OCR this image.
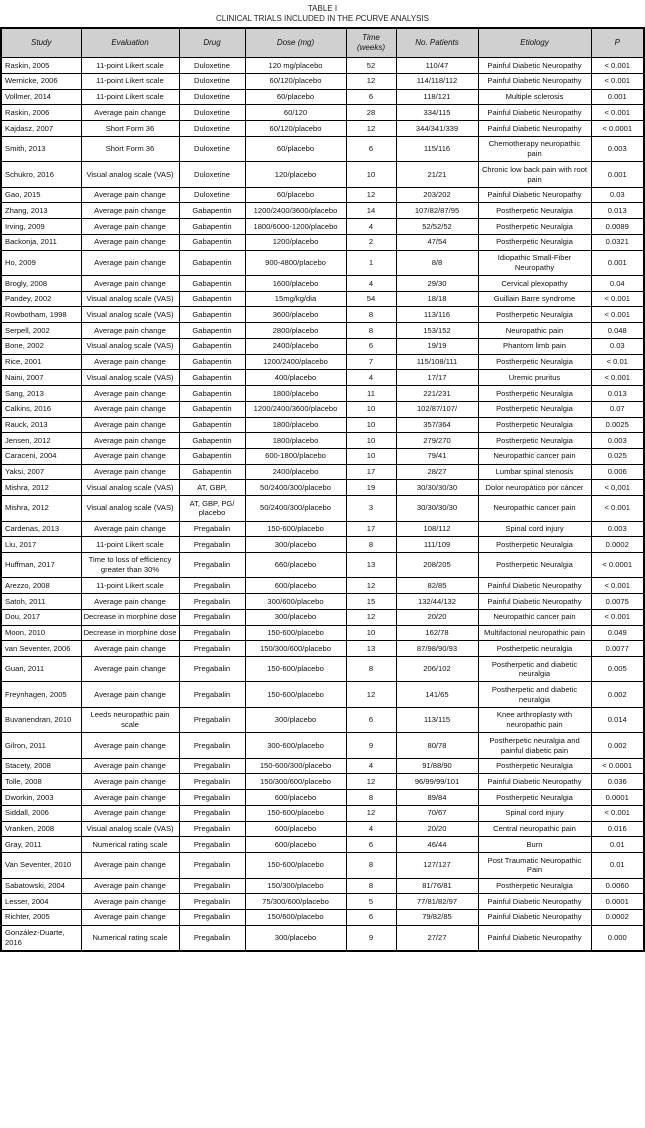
TABLE I
CLINICAL TRIALS INCLUDED IN THE PCURVE ANALYSIS
Study	Evaluation	Drug	Dose (mg)	Time (weeks)	No. Patients	Etiology	P
Raskin, 2005	11-point Likert scale	Duloxetine	120 mg/placebo	52	110/47	Painful Diabetic Neuropathy	< 0.001
Wernicke, 2006	11-point Likert scale	Duloxetine	60/120/placebo	12	114/118/112	Painful Diabetic Neuropathy	< 0.001
Vollmer, 2014	11-point Likert scale	Duloxetine	60/placebo	6	118/121	Multiple sclerosis	0.001
Raskin, 2006	Average pain change	Duloxetine	60/120	28	334/115	Painful Diabetic Neuropathy	< 0.001
Kajdasz, 2007	Short Form 36	Duloxetine	60/120/placebo	12	344/341/339	Painful Diabetic Neuropathy	< 0.0001
Smith, 2013	Short Form 36	Duloxetine	60/placebo	6	115/116	Chemotherapy neuropathic pain	0.003
Schukro, 2016	Visual analog scale (VAS)	Duloxetine	120/placebo	10	21/21	Chronic low back pain with root pain	0.001
Gao, 2015	Average pain change	Duloxetine	60/placebo	12	203/202	Painful Diabetic Neuropathy	0.03
Zhang, 2013	Average pain change	Gabapentin	1200/2400/3600/placebo	14	107/82/87/95	Postherpetic Neuralgia	0.013
Irving, 2009	Average pain change	Gabapentin	1800/6000-1200/placebo	4	52/52/52	Postherpetic Neuralgia	0.0089
Backonja, 2011	Average pain change	Gabapentin	1200/placebo	2	47/54	Postherpetic Neuralgia	0.0321
Ho, 2009	Average pain change	Gabapentin	900-4800/placebo	1	8/8	Idiopathic Small-Fiber Neuropathy	0.001
Brogly, 2008	Average pain change	Gabapentin	1600/placebo	4	29/30	Cervical plexopathy	0.04
Pandey, 2002	Visual analog scale (VAS)	Gabapentin	15mg/kg/dia	54	18/18	Guillain Barre syndrome	< 0.001
Rowbotham, 1998	Visual analog scale (VAS)	Gabapentin	3600/placebo	8	113/116	Postherpetic Neuralgia	< 0.001
Serpell, 2002	Average pain change	Gabapentin	2800/placebo	8	153/152	Neuropathic pain	0.048
Bone, 2002	Visual analog scale (VAS)	Gabapentin	2400/placebo	6	19/19	Phantom limb pain	0.03
Rice, 2001	Average pain change	Gabapentin	1200/2400/placebo	7	115/108/111	Postherpetic Neuralgia	< 0.01
Naini, 2007	Visual analog scale (VAS)	Gabapentin	400/placebo	4	17/17	Uremic pruritus	< 0.001
Sang, 2013	Average pain change	Gabapentin	1800/placebo	11	221/231	Postherpetic Neuralgia	0.013
Calkins, 2016	Average pain change	Gabapentin	1200/2400/3600/placebo	10	102/87/107/	Postherpetic Neuralgia	0.07
Rauck, 2013	Average pain change	Gabapentin	1800/placebo	10	357/364	Postherpetic Neuralgia	0.0025
Jensen, 2012	Average pain change	Gabapentin	1800/placebo	10	279/270	Postherpetic Neuralgia	0.003
Caraceni, 2004	Average pain change	Gabapentin	600-1800/placebo	10	79/41	Neuropathic cancer pain	0.025
Yaksi, 2007	Average pain change	Gabapentin	2400/placebo	17	28/27	Lumbar spinal stenosis	0.006
Mishra, 2012	Visual analog scale (VAS)	AT, GBP,	50/2400/300/placebo	19	30/30/30/30	Dolor neuropático por cáncer	< 0,001
Mishra, 2012	Visual analog scale (VAS)	AT, GBP, PG/placebo	50/2400/300/placebo	3	30/30/30/30	Neuropathic cancer pain	< 0.001
Cardenas, 2013	Average pain change	Pregabalin	150-600/placebo	17	108/112	Spinal cord injury	0.003
Liu, 2017	11-point Likert scale	Pregabalin	300/placebo	8	111/109	Postherpetic Neuralgia	0.0002
Huffman, 2017	Time to loss of efficiency greater than 30%	Pregabalin	660/placebo	13	208/205	Postherpetic Neuralgia	< 0.0001
Arezzo, 2008	11-point Likert scale	Pregabalin	600/placebo	12	82/85	Painful Diabetic Neuropathy	< 0.001
Satoh, 2011	Average pain change	Pregabalin	300/600/placebo	15	132/44/132	Painful Diabetic Neuropathy	0.0075
Dou, 2017	Decrease in morphine dose	Pregabalin	300/placebo	12	20/20	Neuropathic cancer pain	< 0.001
Moon, 2010	Decrease in morphine dose	Pregabalin	150-600/placebo	10	162/78	Multifactorial neuropathic pain	0.049
van Seventer, 2006	Average pain change	Pregabalin	150/300/600/placebo	13	87/98/90/93	Postherpetic neuralgia	0.0077
Guan, 2011	Average pain change	Pregabalin	150-600/placebo	8	206/102	Postherpetic and diabetic neuralgia	0.005
Freynhagen, 2005	Average pain change	Pregabalin	150-600/placebo	12	141/65	Postherpetic and diabetic neuralgia	0.002
Buvanendran, 2010	Leeds neuropathic pain scale	Pregabalin	300/placebo	6	113/115	Knee arthroplasty with neuropathic pain	0.014
Gilron, 2011	Average pain change	Pregabalin	300-600/placebo	9	80/78	Postherpetic neuralgia and painful diabetic pain	0.002
Stacety, 2008	Average pain change	Pregabalin	150-600/300/placebo	4	91/88/90	Postherpetic Neuralgia	< 0.0001
Tolle, 2008	Average pain change	Pregabalin	150/300/600/placebo	12	96/99/99/101	Painful Diabetic Neuropathy	0.036
Dworkin, 2003	Average pain change	Pregabalin	600/placebo	8	89/84	Postherpetic Neuralgia	0.0001
Siddall, 2006	Average pain change	Pregabalin	150-600/placebo	12	70/67	Spinal cord injury	< 0.001
Vranken, 2008	Visual analog scale (VAS)	Pregabalin	600/placebo	4	20/20	Central neuropathic pain	0.016
Gray, 2011	Numerical rating scale	Pregabalin	600/placebo	6	46/44	Burn	0.01
Van Seventer, 2010	Average pain change	Pregabalin	150-600/placebo	8	127/127	Post Traumatic Neuropathic Pain	0.01
Sabatowski, 2004	Average pain change	Pregabalin	150/300/placebo	8	81/76/81	Postherpetic Neuralgia	0.0060
Lesser, 2004	Average pain change	Pregabalin	75/300/600/placebo	5	77/81/82/97	Painful Diabetic Neuropathy	0.0001
Richter, 2005	Average pain change	Pregabalin	150/600/placebo	6	79/82/85	Painful Diabetic Neuropathy	0.0002
González-Duarte, 2016	Numerical rating scale	Pregabalin	300/placebo	9	27/27	Painful Diabetic Neuropathy	0.000
